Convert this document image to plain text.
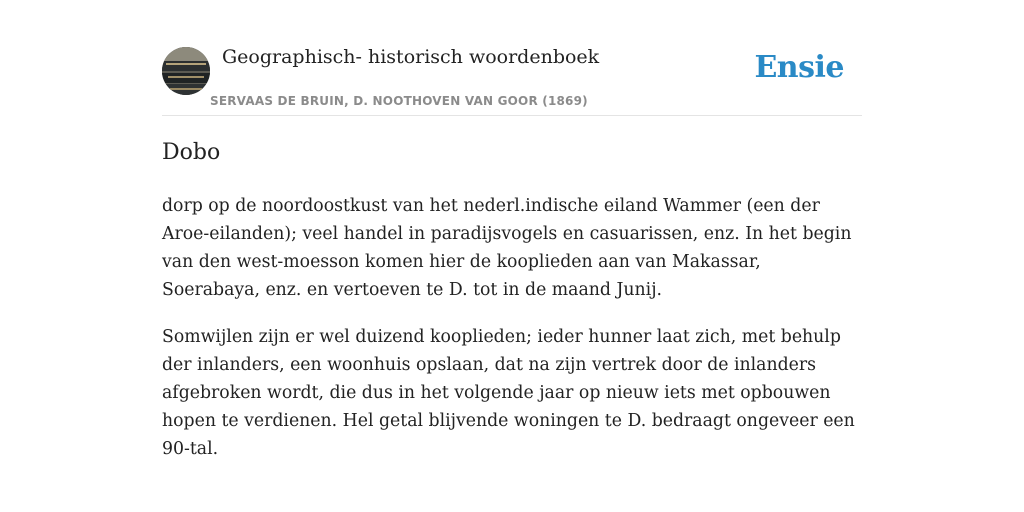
Geographisch- historisch woordenboek
SERVAAS DE BRUIN, D. NOOTHOVEN VAN GOOR (1869)
Ensie
Dobo

dorp op de noordoostkust van het nederl.indische eiland Wammer (een der Aroe-eilanden); veel handel in paradijsvogels en casuarissen, enz. In het begin van den west-moesson komen hier de kooplieden aan van Makassar, Soerabaya, enz. en vertoeven te D. tot in de maand Junij.

Somwijlen zijn er wel duizend kooplieden; ieder hunner laat zich, met behulp der inlanders, een woonhuis opslaan, dat na zijn vertrek door de inlanders afgebroken wordt, die dus in het volgende jaar op nieuw iets met opbouwen hopen te verdienen. Hel getal blijvende woningen te D. bedraagt ongeveer een 90-tal.
